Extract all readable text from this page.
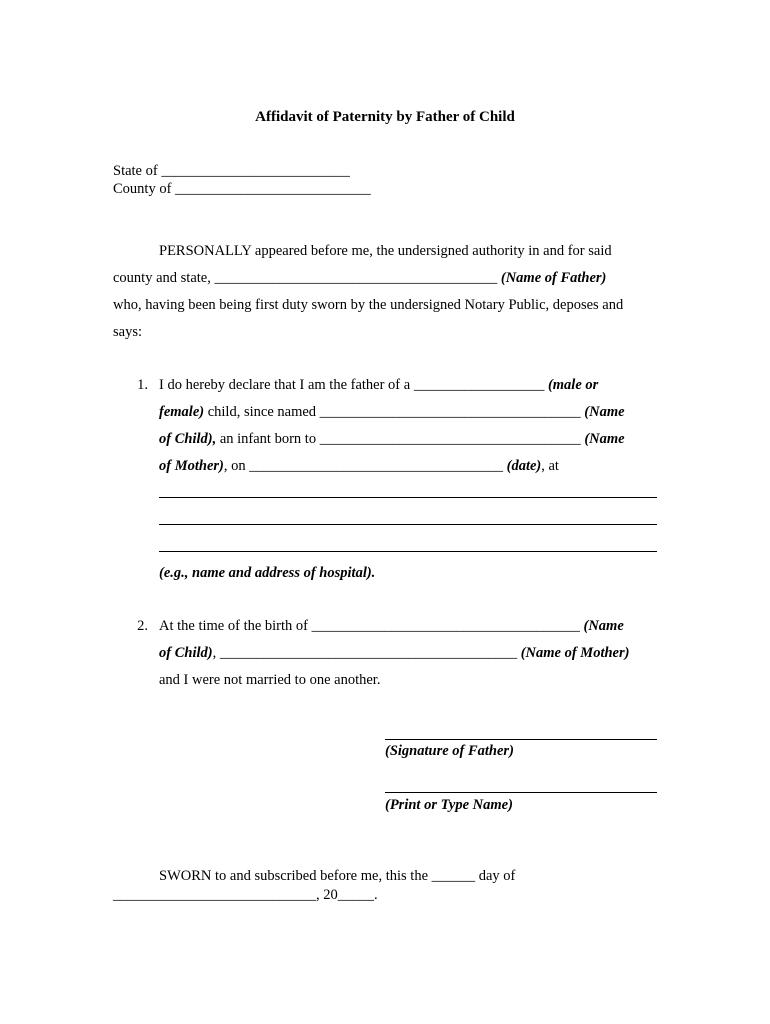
Affidavit of Paternity by Father of Child
State of __________________________
County of ___________________________
PERSONALLY appeared before me, the undersigned authority in and for said
county and state, _______________________________________ (Name of Father)
who, having been being first duty sworn by the undersigned Notary Public, deposes and
says:
1. I do hereby declare that I am the father of a __________________ (male or
female) child, since named ____________________________________ (Name
of Child), an infant born to ____________________________________ (Name
of Mother), on ___________________________________ (date), at
(e.g., name and address of hospital).
2. At the time of the birth of _____________________________________ (Name
of Child), _________________________________________ (Name of Mother)
and I were not married to one another.
(Signature of Father)
(Print or Type Name)
SWORN to and subscribed before me, this the ______ day of
____________________________, 20_____.
